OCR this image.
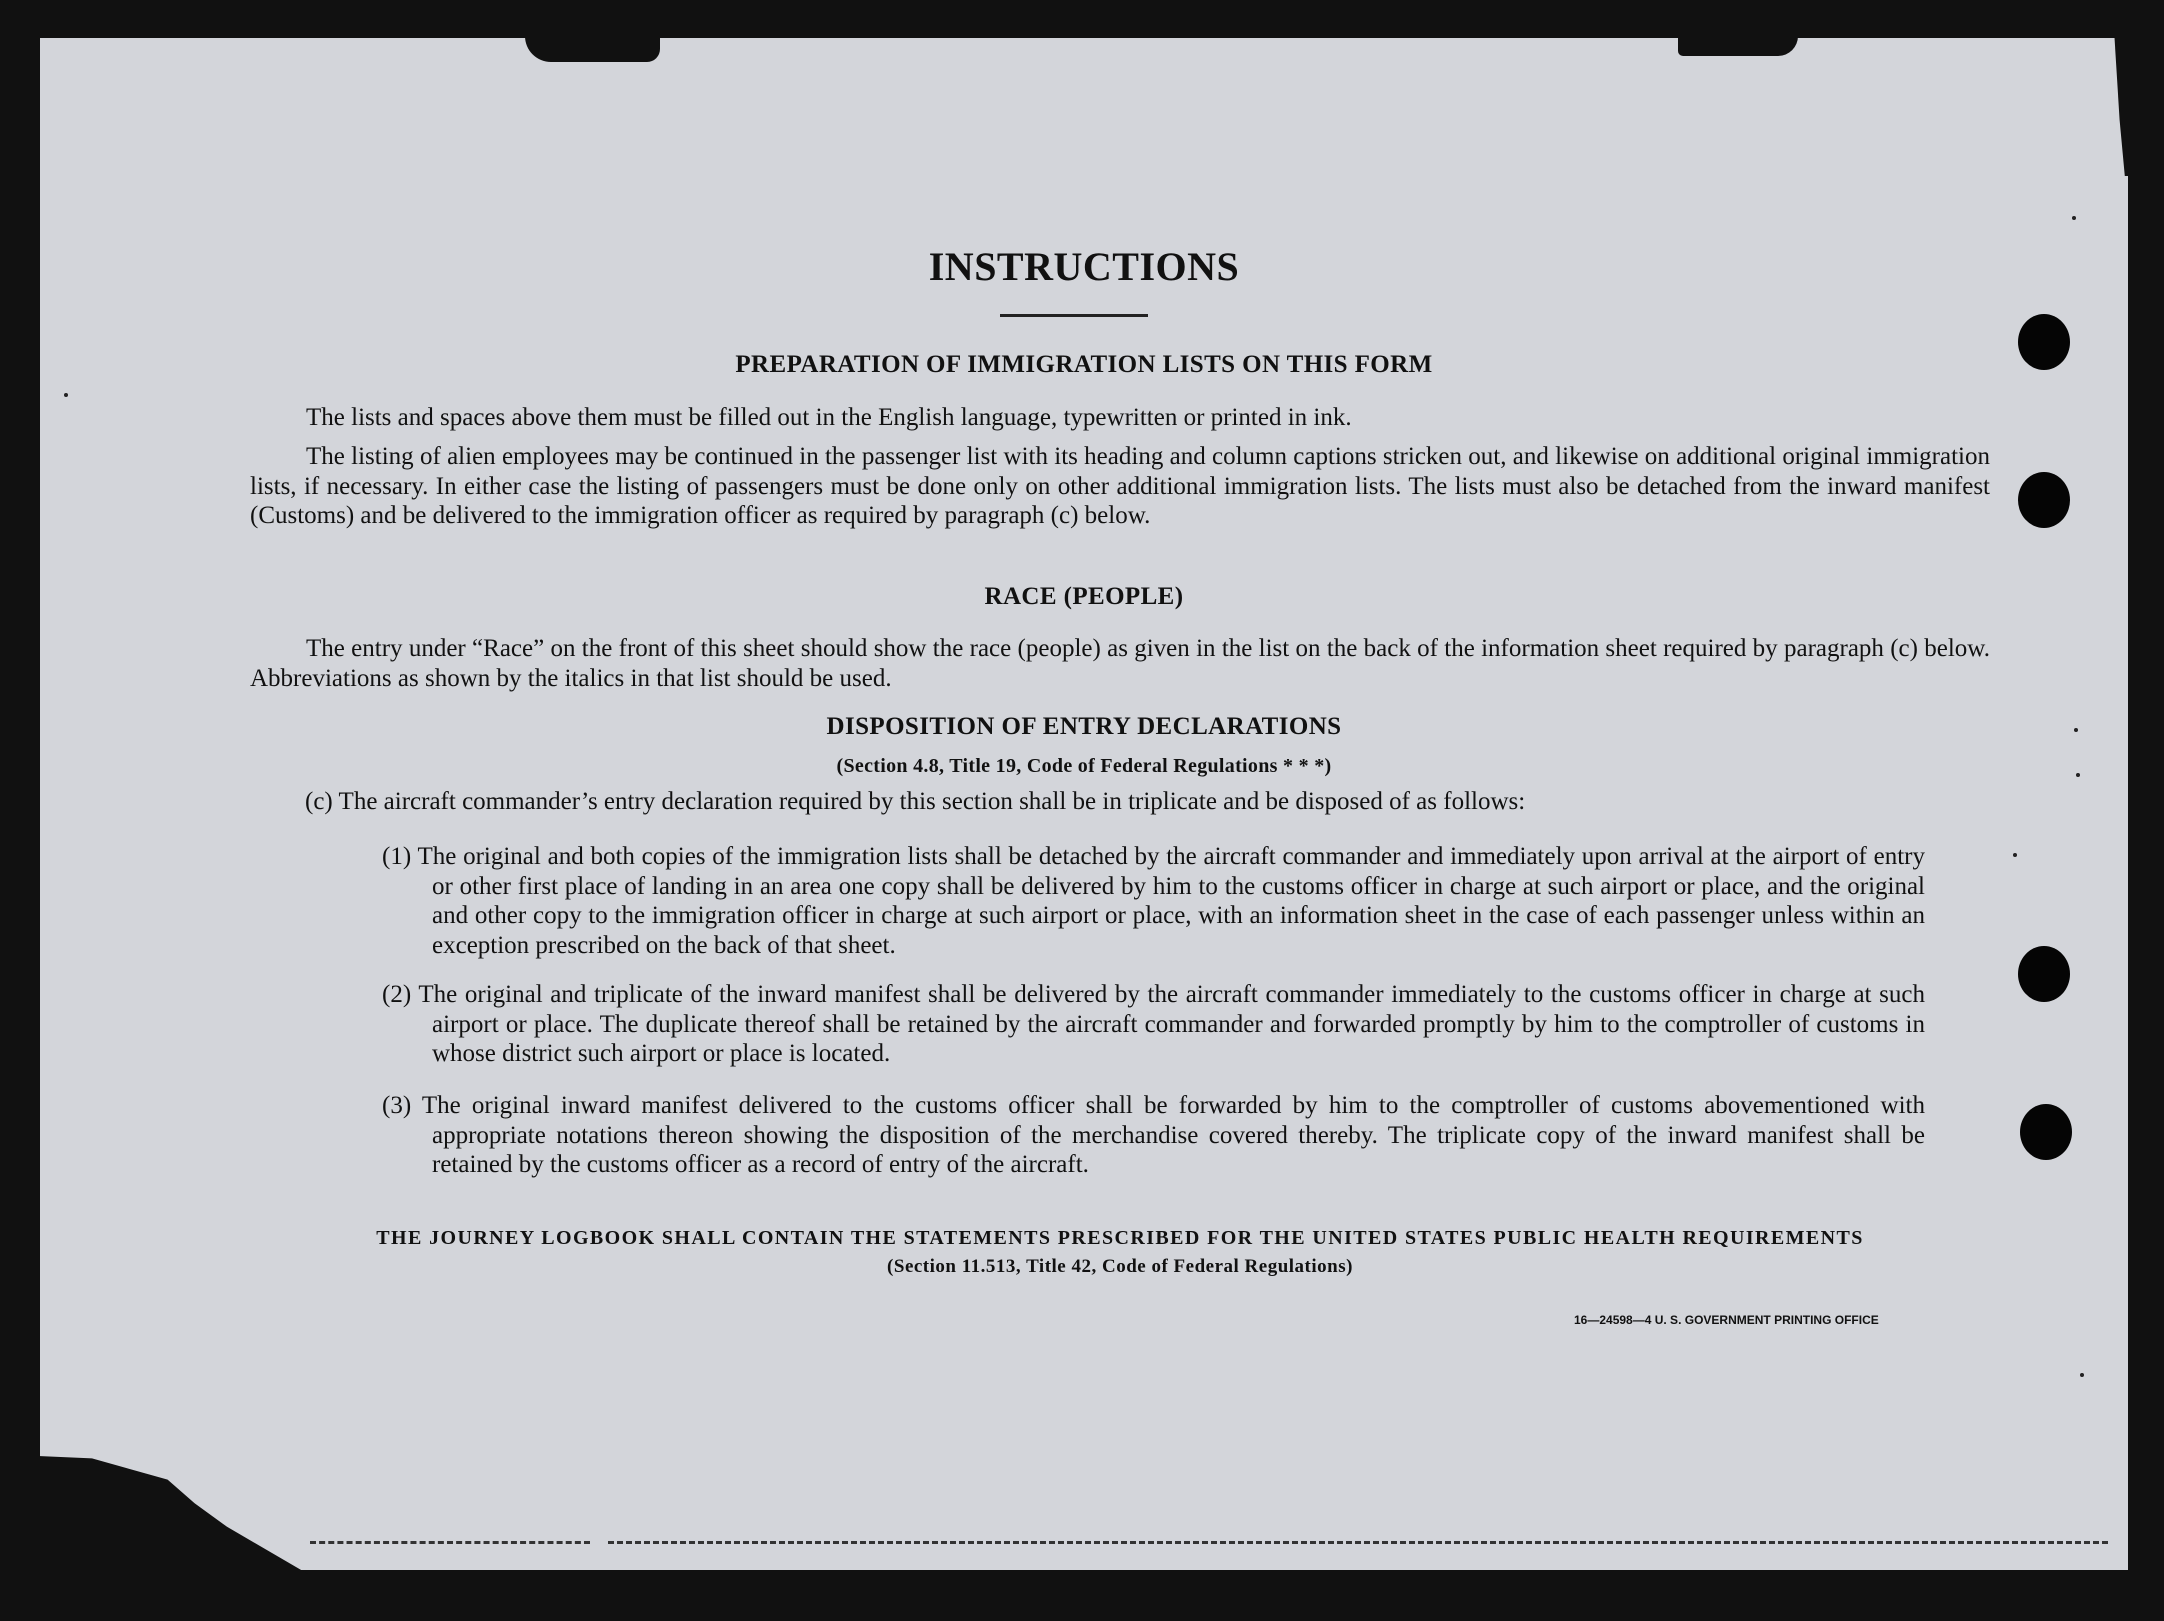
INSTRUCTIONS
PREPARATION OF IMMIGRATION LISTS ON THIS FORM
The lists and spaces above them must be filled out in the English language, typewritten or printed in ink.
The listing of alien employees may be continued in the passenger list with its heading and column captions stricken out, and likewise on additional original immigration lists, if necessary. In either case the listing of passengers must be done only on other additional immigration lists. The lists must also be detached from the inward manifest (Customs) and be delivered to the immigration officer as required by paragraph (c) below.
RACE (PEOPLE)
The entry under “Race” on the front of this sheet should show the race (people) as given in the list on the back of the information sheet required by paragraph (c) below. Abbreviations as shown by the italics in that list should be used.
DISPOSITION OF ENTRY DECLARATIONS
(Section 4.8, Title 19, Code of Federal Regulations * * *)
(c) The aircraft commander’s entry declaration required by this section shall be in triplicate and be disposed of as follows:
(1) The original and both copies of the immigration lists shall be detached by the aircraft commander and immediately upon arrival at the airport of entry or other first place of landing in an area one copy shall be delivered by him to the customs officer in charge at such airport or place, and the original and other copy to the immigration officer in charge at such airport or place, with an information sheet in the case of each passenger unless within an exception prescribed on the back of that sheet.
(2) The original and triplicate of the inward manifest shall be delivered by the aircraft commander immediately to the customs officer in charge at such airport or place. The duplicate thereof shall be retained by the aircraft commander and forwarded promptly by him to the comptroller of customs in whose district such airport or place is located.
(3) The original inward manifest delivered to the customs officer shall be forwarded by him to the comptroller of customs abovementioned with appropriate notations thereon showing the disposition of the merchandise covered thereby. The triplicate copy of the inward manifest shall be retained by the customs officer as a record of entry of the aircraft.
THE JOURNEY LOGBOOK SHALL CONTAIN THE STATEMENTS PRESCRIBED FOR THE UNITED STATES PUBLIC HEALTH REQUIREMENTS
(Section 11.513, Title 42, Code of Federal Regulations)
16—24598—4 U. S. GOVERNMENT PRINTING OFFICE
